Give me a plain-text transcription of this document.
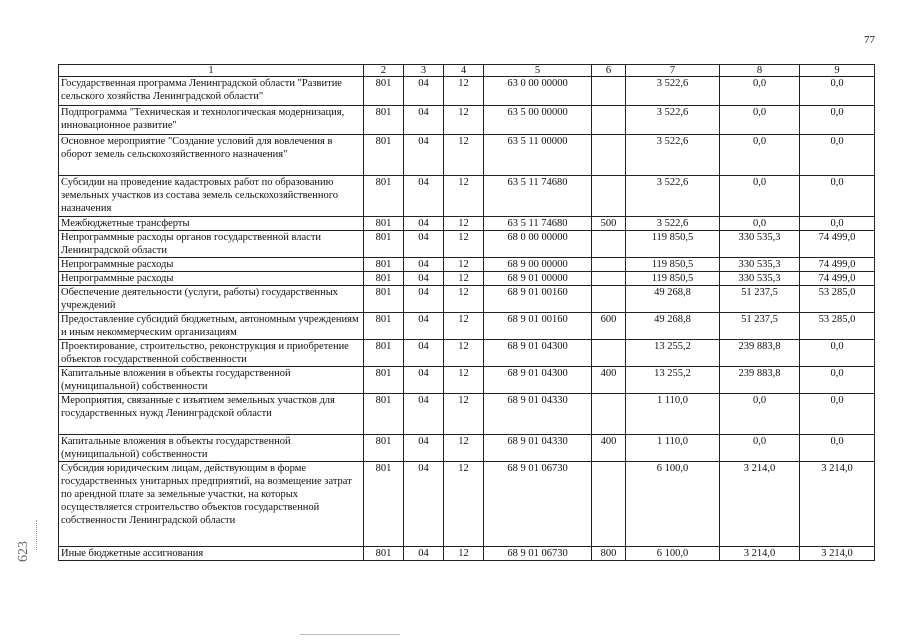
77
623
1	2	3	4	5	6	7	8	9
Государственная программа Ленинградской области "Развитие сельского хозяйства Ленинградской области"	801	04	12	63 0 00 00000		3 522,6	0,0	0,0
Подпрограмма "Техническая и технологическая модернизация, инновационное развитие"	801	04	12	63 5 00 00000		3 522,6	0,0	0,0
Основное мероприятие "Создание условий для вовлечения в оборот земель сельскохозяйственного назначения"	801	04	12	63 5 11 00000		3 522,6	0,0	0,0
Субсидии на проведение кадастровых работ по образованию земельных участков из состава земель сельскохозяйственного назначения	801	04	12	63 5 11 74680		3 522,6	0,0	0,0
Межбюджетные трансферты	801	04	12	63 5 11 74680	500	3 522,6	0,0	0,0
Непрограммные расходы органов государственной власти Ленинградской области	801	04	12	68 0 00 00000		119 850,5	330 535,3	74 499,0
Непрограммные расходы	801	04	12	68 9 00 00000		119 850,5	330 535,3	74 499,0
Непрограммные расходы	801	04	12	68 9 01 00000		119 850,5	330 535,3	74 499,0
Обеспечение деятельности (услуги, работы) государственных учреждений	801	04	12	68 9 01 00160		49 268,8	51 237,5	53 285,0
Предоставление субсидий бюджетным, автономным учреждениям и иным некоммерческим организациям	801	04	12	68 9 01 00160	600	49 268,8	51 237,5	53 285,0
Проектирование, строительство, реконструкция и приобретение объектов государственной собственности	801	04	12	68 9 01 04300		13 255,2	239 883,8	0,0
Капитальные вложения в объекты государственной (муниципальной) собственности	801	04	12	68 9 01 04300	400	13 255,2	239 883,8	0,0
Мероприятия, связанные с изъятием земельных участков для государственных нужд Ленинградской области	801	04	12	68 9 01 04330		1 110,0	0,0	0,0
Капитальные вложения в объекты государственной (муниципальной) собственности	801	04	12	68 9 01 04330	400	1 110,0	0,0	0,0
Субсидия юридическим лицам, действующим в форме государственных унитарных предприятий, на возмещение затрат по арендной плате за земельные участки, на которых осуществляется строительство объектов государственной собственности Ленинградской области	801	04	12	68 9 01 06730		6 100,0	3 214,0	3 214,0
Иные бюджетные ассигнования	801	04	12	68 9 01 06730	800	6 100,0	3 214,0	3 214,0
